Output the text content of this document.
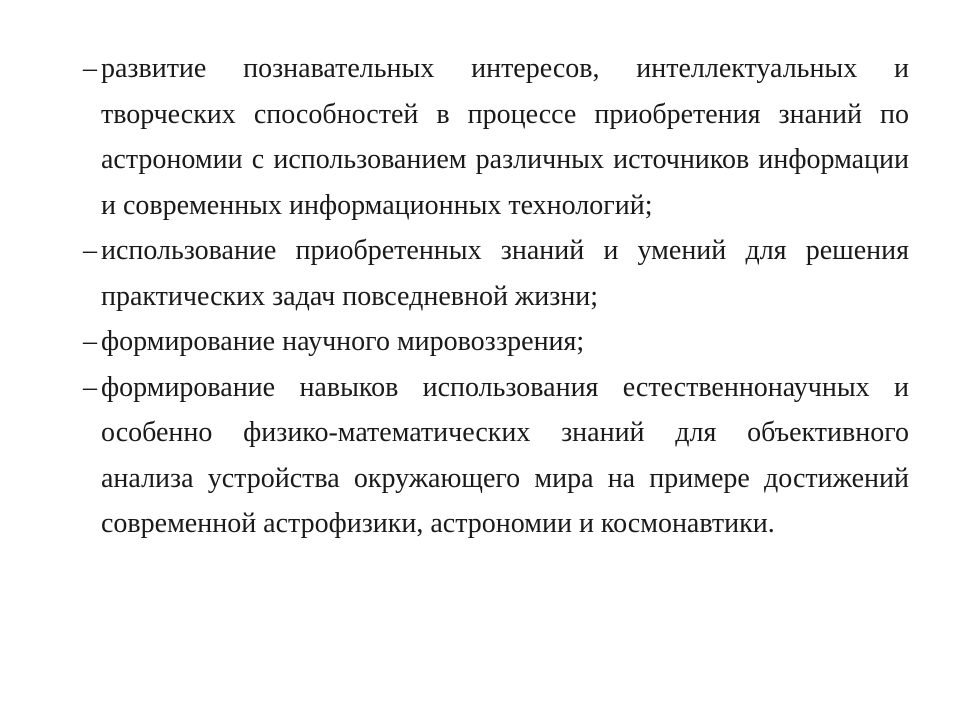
– развитие познавательных интересов, интеллектуальных и творческих способностей в процессе приобретения знаний по астрономии с использованием различных источников информации и современных информационных технологий;
– использование приобретенных знаний и умений для решения практических задач повседневной жизни;
– формирование научного мировоззрения;
– формирование навыков использования естественнонаучных и особенно физико-математических знаний для объективного анализа устройства окружающего мира на примере достижений современной астрофизики, астрономии и космонавтики.
